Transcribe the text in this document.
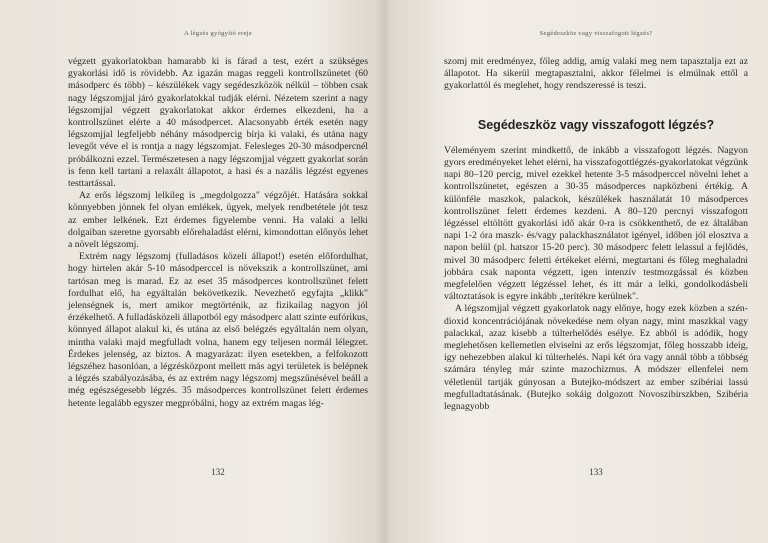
A légzés gyógyító ereje

végzett gyakorlatokban hamarabb ki is fárad a test, ezért a szükséges gyakorlási idő is rövidebb. Az igazán magas reggeli kontrollszünetet (60 másodperc és több) – készülékek vagy segédeszközök nélkül – többen csak nagy légszomjjal járó gyakorlatokkal tudják elérni. Nézetem szerint a nagy légszomjjal végzett gyakorlatokat akkor érdemes elkezdeni, ha a kontrollszünet elérte a 40 másodpercet. Alacsonyabb érték esetén nagy légszomjjal legfeljebb néhány másodpercig bírja ki valaki, és utána nagy levegőt véve el is rontja a nagy légszomjat. Felesleges 20-30 másodpercnél próbálkozni ezzel. Természetesen a nagy légszomjjal végzett gyakorlat során is fenn kell tartani a relaxált állapotot, a hasi és a nazális légzést egyenes testtartással.

Az erős légszomj lelkileg is „megdolgozza" végzőjét. Hatására sokkal könnyebben jönnek fel olyan emlékek, ügyek, melyek rendbetétele jót tesz az ember lelkének. Ezt érdemes figyelembe venni. Ha valaki a lelki dolgaiban szeretne gyorsabb előrehaladást elérni, kimondottan előnyös lehet a növelt légszomj.

Extrém nagy légszomj (fulladásos közeli állapot!) esetén előfordulhat, hogy hirtelen akár 5-10 másodperccel is növekszik a kontrollszünet, ami tartósan meg is marad. Ez az eset 35 másodperces kontrollszünet felett fordulhat elő, ha egyáltalán bekövetkezik. Nevezhető egyfajta „klikk" jelenségnek is, mert amikor megtörténik, az fizikailag nagyon jól érzékelhető. A fulladásközeli állapotból egy másodperc alatt szinte eufórikus, könnyed állapot alakul ki, és utána az első belégzés egyáltalán nem olyan, mintha valaki majd megfulladt volna, hanem egy teljesen normál lélegzet. Érdekes jelenség, az biztos. A magyarázat: ilyen esetekben, a felfokozott légszéhez hasonlóan, a légzésközpont mellett más agyi területek is belépnek a légzés szabályozásába, és az extrém nagy légszomj megszűnésével beáll a még egészségesebb légzés. 35 másodperces kontrollszünet felett érdemes hetente legalább egyszer megpróbálni, hogy az extrém magas lég-

132
Segédeszköz vagy visszafogott légzés?

szomj mit eredményez, főleg addig, amíg valaki meg nem tapasztalja ezt az állapotot. Ha sikerül megtapasztalni, akkor félelmei is elmúlnak ettől a gyakorlattól és meglehet, hogy rendszeressé is teszi.

Segédeszköz vagy visszafogott légzés?

Véleményem szerint mindkettő, de inkább a visszafogott légzés. Nagyon gyors eredményeket lehet elérni, ha visszafogottlégzés-gyakorlatokat végzünk napi 80–120 percig, mivel ezekkel hetente 3-5 másodperccel növelni lehet a kontrollszünetet, egészen a 30-35 másodperces napközbeni értékig. A különféle maszkok, palackok, készülékek használatát 10 másodperces kontrollszünet felett érdemes kezdeni. A 80–120 percnyi visszafogott légzéssel eltöltött gyakorlási idő akár 0-ra is csökkenthető, de ez általában napi 1-2 óra maszk- és/vagy palackhasználatot igényel, időben jól elosztva a napon belül (pl. hatszor 15-20 perc). 30 másodperc felett lelassul a fejlődés, mivel 30 másodperc feletti értékeket elérni, megtartani és főleg meghaladni jobbára csak naponta végzett, igen intenzív testmozgással és közben megfelelően végzett légzéssel lehet, és itt már a lelki, gondolkodásbeli változtatások is egyre inkább „terítékre kerülnek".

A légszomjjal végzett gyakorlatok nagy előnye, hogy ezek közben a szén-dioxid koncentrációjának növekedése nem olyan nagy, mint maszkkal vagy palackkal, azaz kisebb a túlterhelődés esélye. Ez abból is adódik, hogy meglehetősen kellemetlen elviselni az erős légszomjat, főleg hosszabb ideig, így nehezebben alakul ki túlterhelés. Napi két óra vagy annál több a többség számára tényleg már szinte mazochizmus. A módszer ellenfelei nem véletlenül tartják gúnyosan a Butejko-módszert az ember szibériai lassú megfulladtatásának. (Butejko sokáig dolgozott Novoszibirszkben, Szibéria legnagyobb

133
